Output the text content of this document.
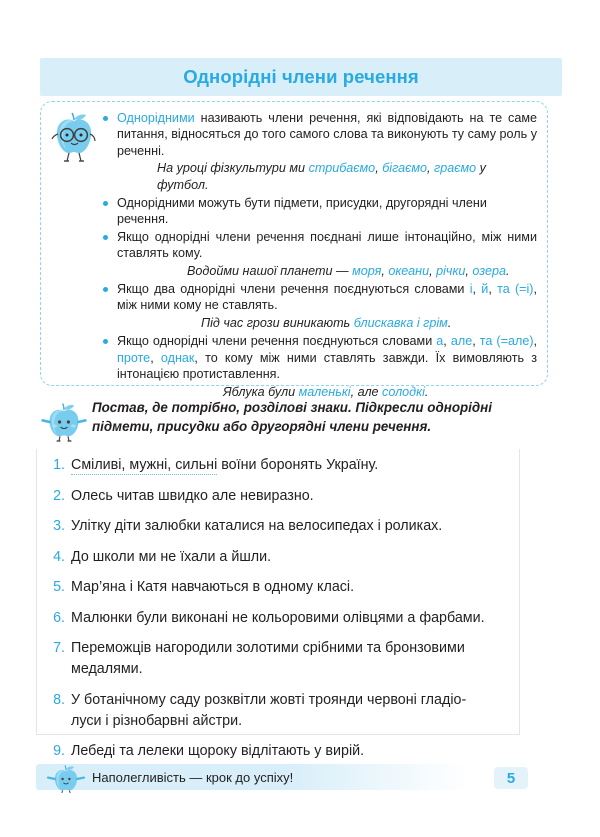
Однорідні члени речення
Однорідними називають члени речення, які відповідають на те саме питання, відносяться до того самого слова та виконують ту саму роль у реченні.
На уроці фізкультури ми стрибаємо, бігаємо, граємо у футбол.
Однорідними можуть бути підмети, присудки, другорядні члени речення.
Якщо однорідні члени речення поєднані лише інтонаційно, між ними ставлять кому.
Водойми нашої планети — моря, океани, річки, озера.
Якщо два однорідні члени речення поєднуються словами і, й, та (=і), між ними кому не ставлять.
Під час грози виникають блискавка і грім.
Якщо однорідні члени речення поєднуються словами а, але, та (=але), проте, однак, то кому між ними ставлять завжди. Їх вимовляють з інтонацією протиставлення.
Яблука були маленькі, але солодкі.
Постав, де потрібно, розділові знаки. Підкресли однорідні
підмети, присудки або другорядні члени речення.
1. Сміливі, мужні, сильні воїни боронять Україну.
2. Олесь читав швидко але невиразно.
3. Улітку діти залюбки каталися на велосипедах і роликах.
4. До школи ми не їхали а йшли.
5. Мар’яна і Катя навчаються в одному класі.
6. Малюнки були виконані не кольоровими олівцями а фарбами.
7. Переможців нагородили золотими срібними та бронзовими
медалями.
8. У ботанічному саду розквітли жовті троянди червоні гладіо-
луси і різнобарвні айстри.
9. Лебеді та лелеки щороку відлітають у вирій.
Наполегливість — крок до успіху!	5
